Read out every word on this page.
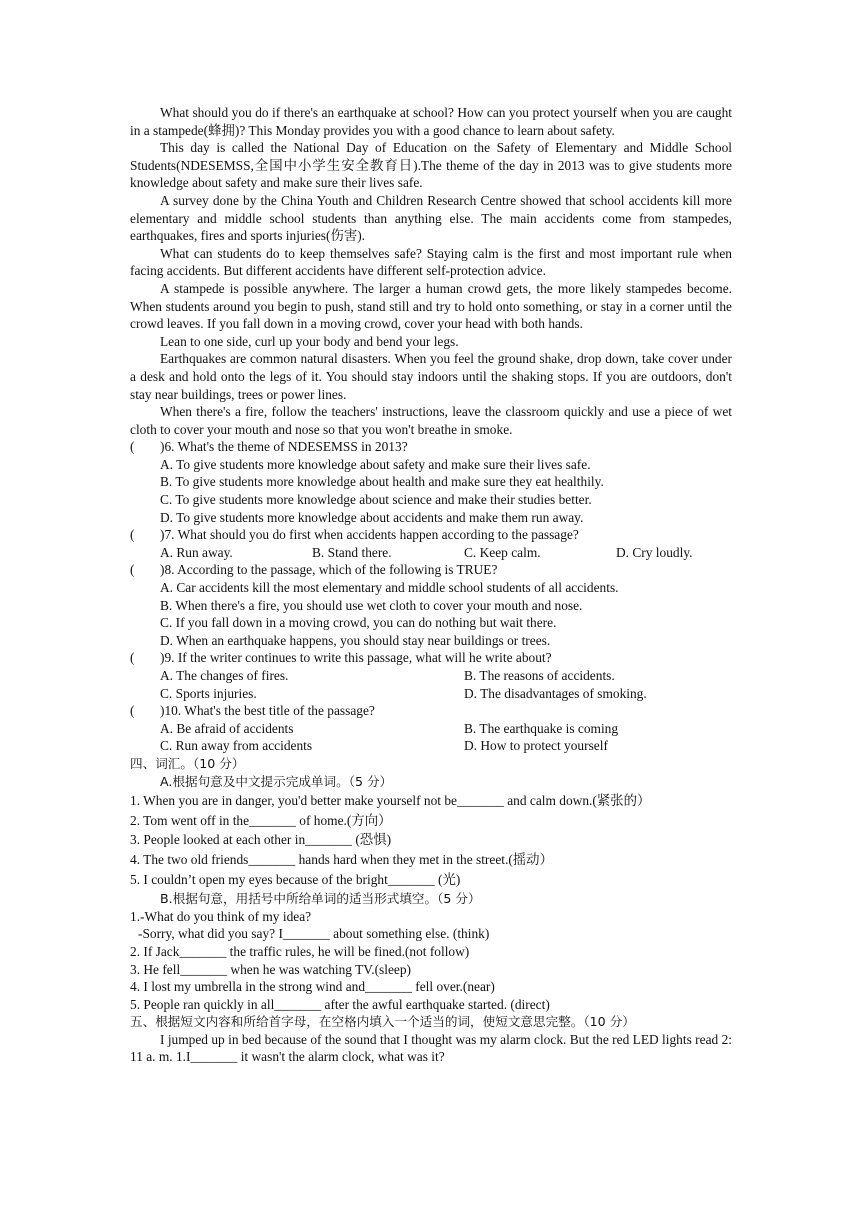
What should you do if there's an earthquake at school? How can you protect yourself when you are caught in a stampede(蜂拥)? This Monday provides you with a good chance to learn about safety.

This day is called the National Day of Education on the Safety of Elementary and Middle School Students(NDESEMSS,全国中小学生安全教育日).The theme of the day in 2013 was to give students more knowledge about safety and make sure their lives safe.

A survey done by the China Youth and Children Research Centre showed that school accidents kill more elementary and middle school students than anything else. The main accidents come from stampedes, earthquakes, fires and sports injuries(伤害).

What can students do to keep themselves safe? Staying calm is the first and most important rule when facing accidents. But different accidents have different self-protection advice.

A stampede is possible anywhere. The larger a human crowd gets, the more likely stampedes become. When students around you begin to push, stand still and try to hold onto something, or stay in a corner until the crowd leaves. If you fall down in a moving crowd, cover your head with both hands.

Lean to one side, curl up your body and bend your legs.

Earthquakes are common natural disasters. When you feel the ground shake, drop down, take cover under a desk and hold onto the legs of it. You should stay indoors until the shaking stops. If you are outdoors, don't stay near buildings, trees or power lines.

When there's a fire, follow the teachers' instructions, leave the classroom quickly and use a piece of wet cloth to cover your mouth and nose so that you won't breathe in smoke.

(	)6. What's the theme of NDESEMSS in 2013?
A. To give students more knowledge about safety and make sure their lives safe.
B. To give students more knowledge about health and make sure they eat healthily.
C. To give students more knowledge about science and make their studies better.
D. To give students more knowledge about accidents and make them run away.
(	)7. What should you do first when accidents happen according to the passage?
A. Run away.	B. Stand there.	C. Keep calm.	D. Cry loudly.
(	)8. According to the passage, which of the following is TRUE?
A. Car accidents kill the most elementary and middle school students of all accidents.
B. When there's a fire, you should use wet cloth to cover your mouth and nose.
C. If you fall down in a moving crowd, you can do nothing but wait there.
D. When an earthquake happens, you should stay near buildings or trees.
(	)9. If the writer continues to write this passage, what will he write about?
A. The changes of fires.	B. The reasons of accidents.
C. Sports injuries.	D. The disadvantages of smoking.
(	)10. What's the best title of the passage?
A. Be afraid of accidents	B. The earthquake is coming
C. Run away from accidents	D. How to protect yourself
四、词汇。（10 分）
A.根据句意及中文提示完成单词。（5 分）
1. When you are in danger, you'd better make yourself not be_______ and calm down.(紧张的）
2. Tom went off in the_______ of home.(方向）
3. People looked at each other in_______ (恐惧)
4. The two old friends_______ hands hard when they met in the street.(摇动）
5. I couldn’t open my eyes because of the bright_______ (光)
B.根据句意，用括号中所给单词的适当形式填空。（5 分）
1.-What do you think of my idea?
-Sorry, what did you say? I_______ about something else. (think)
2. If Jack_______ the traffic rules, he will be fined.(not follow)
3. He fell_______ when he was watching TV.(sleep)
4. I lost my umbrella in the strong wind and_______ fell over.(near)
5. People ran quickly in all_______ after the awful earthquake started. (direct)
五、根据短文内容和所给首字母，在空格内填入一个适当的词，使短文意思完整。（10 分）

I jumped up in bed because of the sound that I thought was my alarm clock. But the red LED lights read 2: 11 a. m. 1.I_______ it wasn't the alarm clock, what was it?
